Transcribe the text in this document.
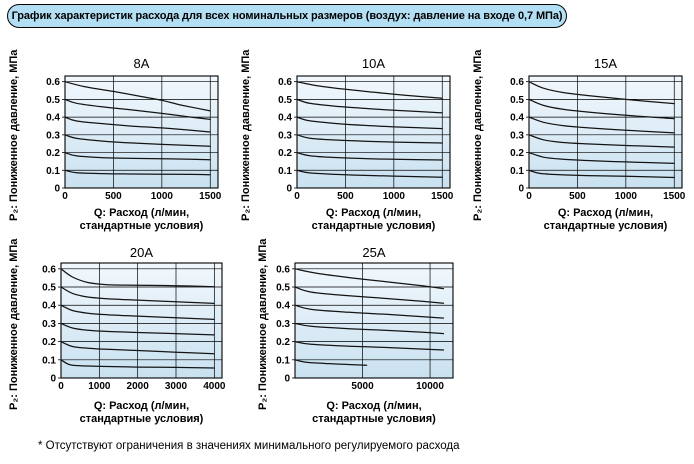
График характеристик расхода для всех номинальных размеров (воздух: давление на входе 0,7 МПа)
P₂: Пониженное давление, МПа	8A
0
0.1
0.2
0.3
0.4
0.5
0.6
0	500	1000	1500
Q: Расход (л/мин,
стандартные условия)
P₂: Пониженное давление, МПа	10A
0
0.1
0.2
0.3
0.4
0.5
0.6
0	500	1000	1500
Q: Расход (л/мин,
стандартные условия)
P₂: Пониженное давление, МПа	15A
0
0.1
0.2
0.3
0.4
0.5
0.6
0	500	1000	1500
Q: Расход (л/мин,
стандартные условия)
P₂: Пониженное давление, МПа	20A
0
0.1
0.2
0.3
0.4
0.5
0.6
0 1000 2000 3000 4000
Q: Расход (л/мин,
стандартные условия)
P₂: Пониженное давление, МПа	25A
0
0.1
0.2
0.3
0.4
0.5
0.6
5000	10000
Q: Расход (л/мин,
стандартные условия)
* Отсутствуют ограничения в значениях минимального регулируемого расхода
